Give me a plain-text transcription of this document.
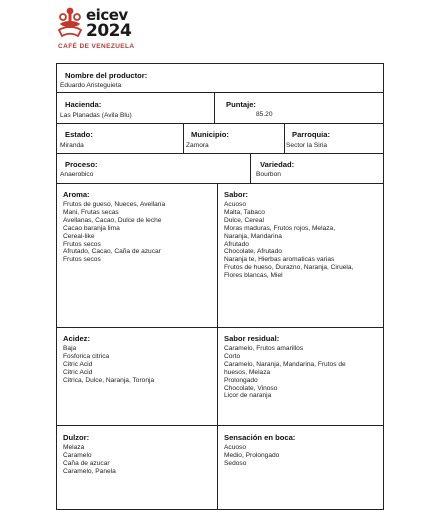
eicev
2024
CAFÉ DE VENEZUELA
Nombre del productor:
Eduardo Aristeguieta
Hacienda:
Las Planadas (Avila Blu)
Puntaje:
85.20
Estado:
Miranda
Municipio:
Zamora
Parroquia:
Sector la Siria
Proceso:
Anaerobico
Variedad:
Bourbon
Aroma:
Frutos de gueso, Nueces, Avellana
Mani, Frutas secas
Avellanas, Cacao, Dulce de leche
Cacao baranja lima
Cereal-like
Frutos secos
Afrutado, Cacao, Caña de azucar
Frutos secos
Sabor:
Acuoso
Malta, Tabaco
Dulce, Cereal
Moras maduras, Frutos rojos, Melaza,
Naranja, Mandarina
Afrutado
Chocolate, Afrutado
Naranja te, Hierbas aromaticas varias
Frutos de hueso, Durazno, Naranja, Ciruela,
Flores blancas, Miel
Acidez:
Baja
Fosforica citrica
Citric Acid
Citric Acid
Citrica, Dulce, Naranja, Toronja
Sabor residual:
Caramelo, Frutos amarillos
Corto
Caramelo, Naranja, Mandarina, Frutos de
huesos, Melaza
Prolongado
Chocolate, Vinoso
Licor de naranja
Dulzor:
Melaza
Caramelo
Caña de azucar
Caramelo, Panela
Sensación en boca:
Acuoso
Medio, Prolongado
Sedoso
